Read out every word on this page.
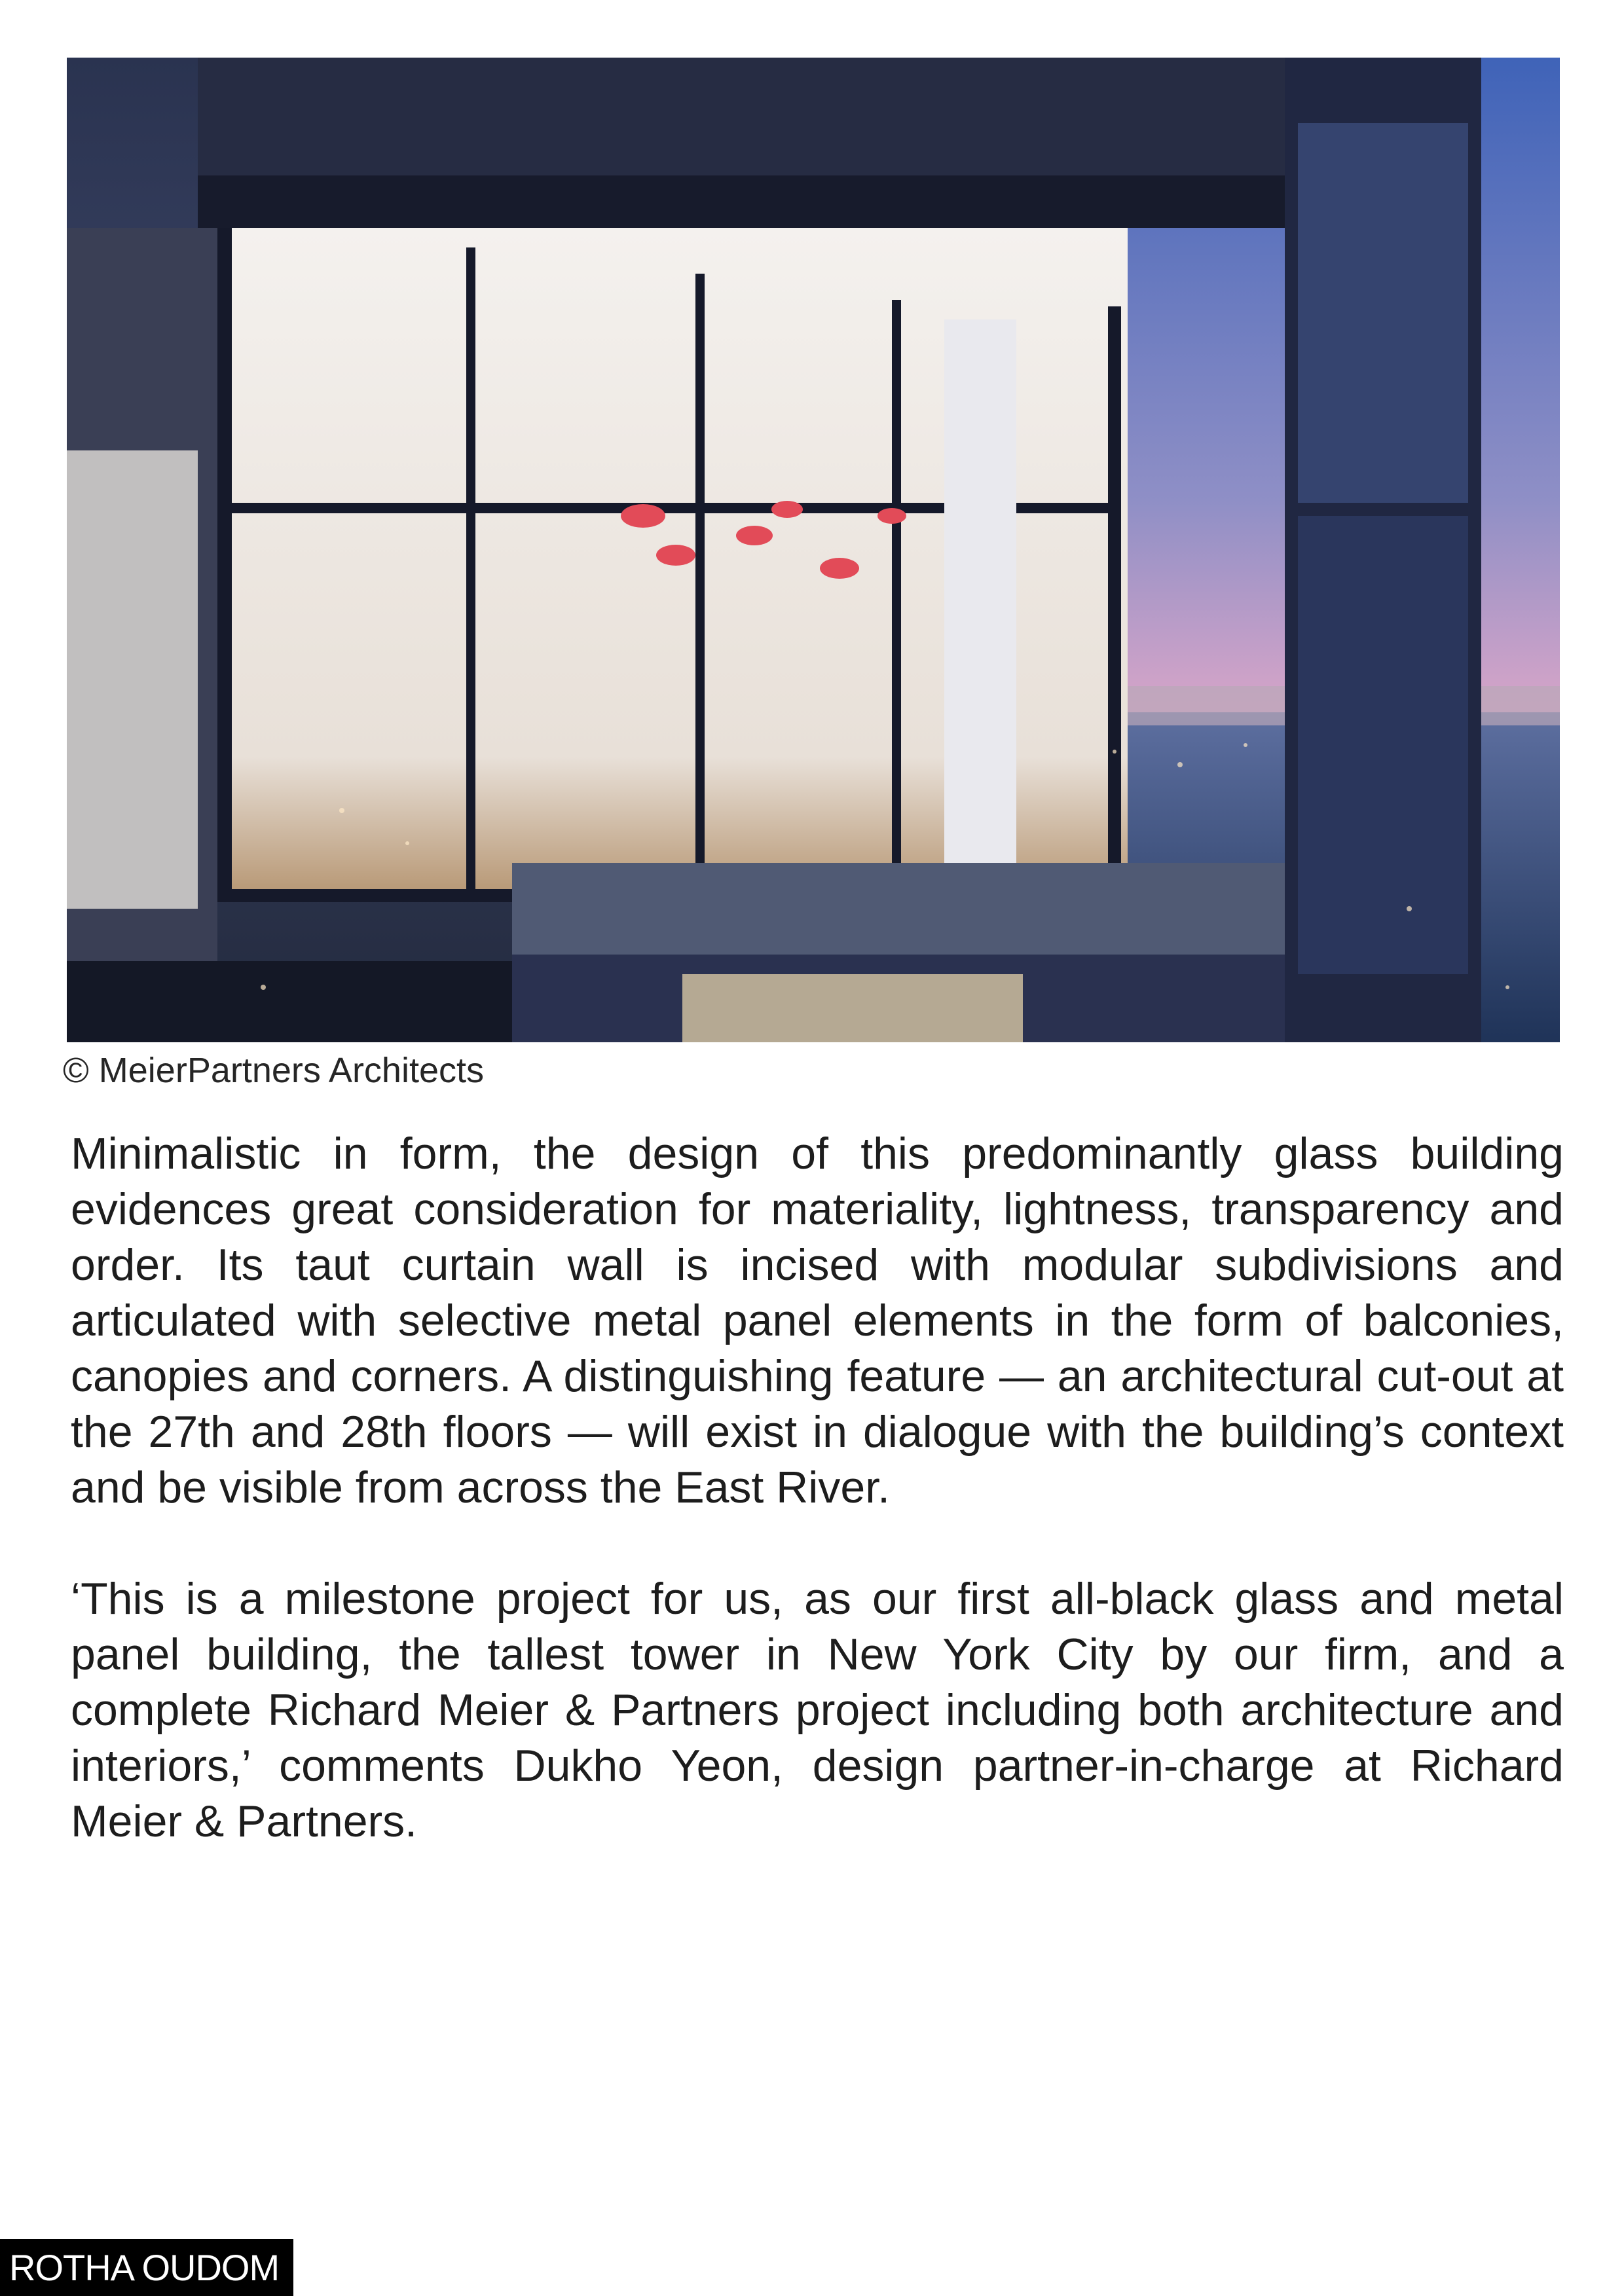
© MeierPartners Architects

Minimalistic in form, the design of this predominantly glass building evidences great consideration for materiality, lightness, transparency and order. Its taut curtain wall is incised with modular subdivisions and articulated with selective metal panel elements in the form of balconies, canopies and corners. A distinguishing feature — an architectural cut-out at the 27th and 28th floors — will exist in dialogue with the building’s context and be visible from across the East River.

‘This is a milestone project for us, as our first all-black glass and metal panel building, the tallest tower in New York City by our firm, and a complete Richard Meier & Partners project including both architecture and interiors,’ comments Dukho Yeon, design partner-in-charge at Richard Meier & Partners.

ROTHA OUDOM
